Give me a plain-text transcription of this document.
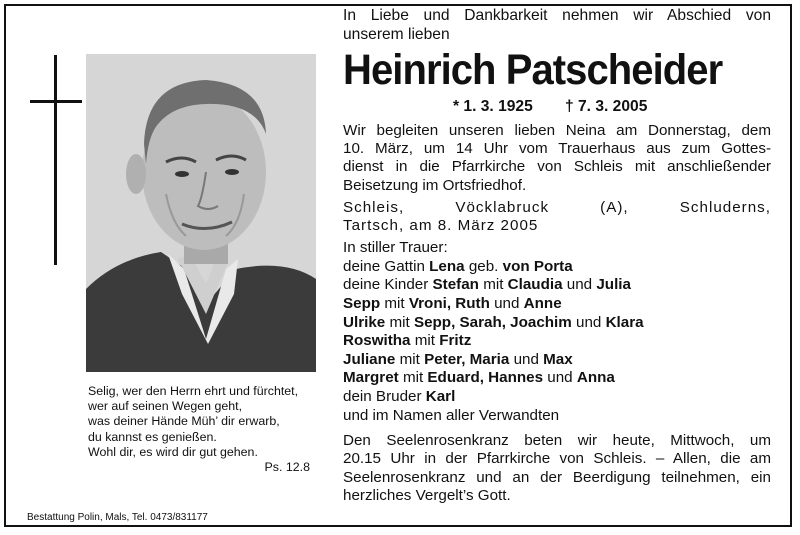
Selig, wer den Herrn ehrt und fürchtet,
wer auf seinen Wegen geht,
was deiner Hände Müh’ dir erwarb,
du kannst es genießen.
Wohl dir, es wird dir gut gehen.
Ps. 12.8
Bestattung Polin, Mals, Tel. 0473/831177
In Liebe und Dankbarkeit nehmen wir Abschied von
unserem lieben
Heinrich Patscheider
* 1. 3. 1925 † 7. 3. 2005
Wir begleiten unseren lieben Neina am Donnerstag, dem
10. März, um 14 Uhr vom Trauerhaus aus zum Gottes-
dienst in die Pfarrkirche von Schleis mit anschließender
Beisetzung im Ortsfriedhof.
Schleis, Vöcklabruck (A), Schluderns,
Tartsch, am 8. März 2005
In stiller Trauer:
deine Gattin Lena geb. von Porta
deine Kinder Stefan mit Claudia und Julia
Sepp mit Vroni, Ruth und Anne
Ulrike mit Sepp, Sarah, Joachim und Klara
Roswitha mit Fritz
Juliane mit Peter, Maria und Max
Margret mit Eduard, Hannes und Anna
dein Bruder Karl
und im Namen aller Verwandten
Den Seelenrosenkranz beten wir heute, Mittwoch, um
20.15 Uhr in der Pfarrkirche von Schleis. – Allen, die am
Seelenrosenkranz und an der Beerdigung teilnehmen, ein
herzliches Vergelt’s Gott.
